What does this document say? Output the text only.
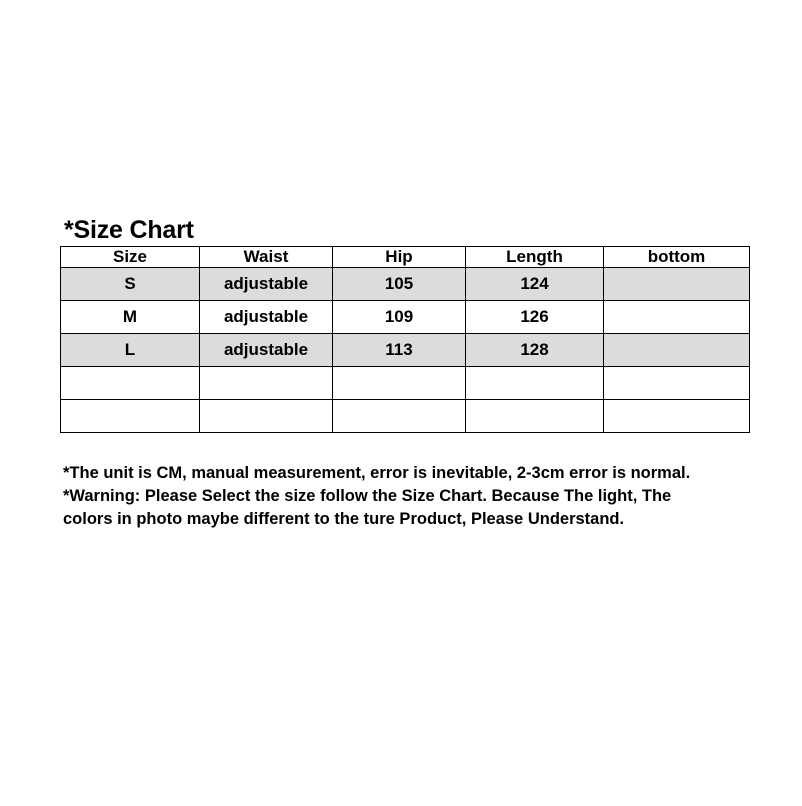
*Size Chart
Size	Waist	Hip	Length	bottom
S	adjustable	105	124	
M	adjustable	109	126	
L	adjustable	113	128	

*The unit is CM, manual measurement, error is inevitable, 2-3cm error is normal.
*Warning: Please Select the size follow the Size Chart. Because The light, The
colors in photo maybe different to the ture Product, Please Understand.
